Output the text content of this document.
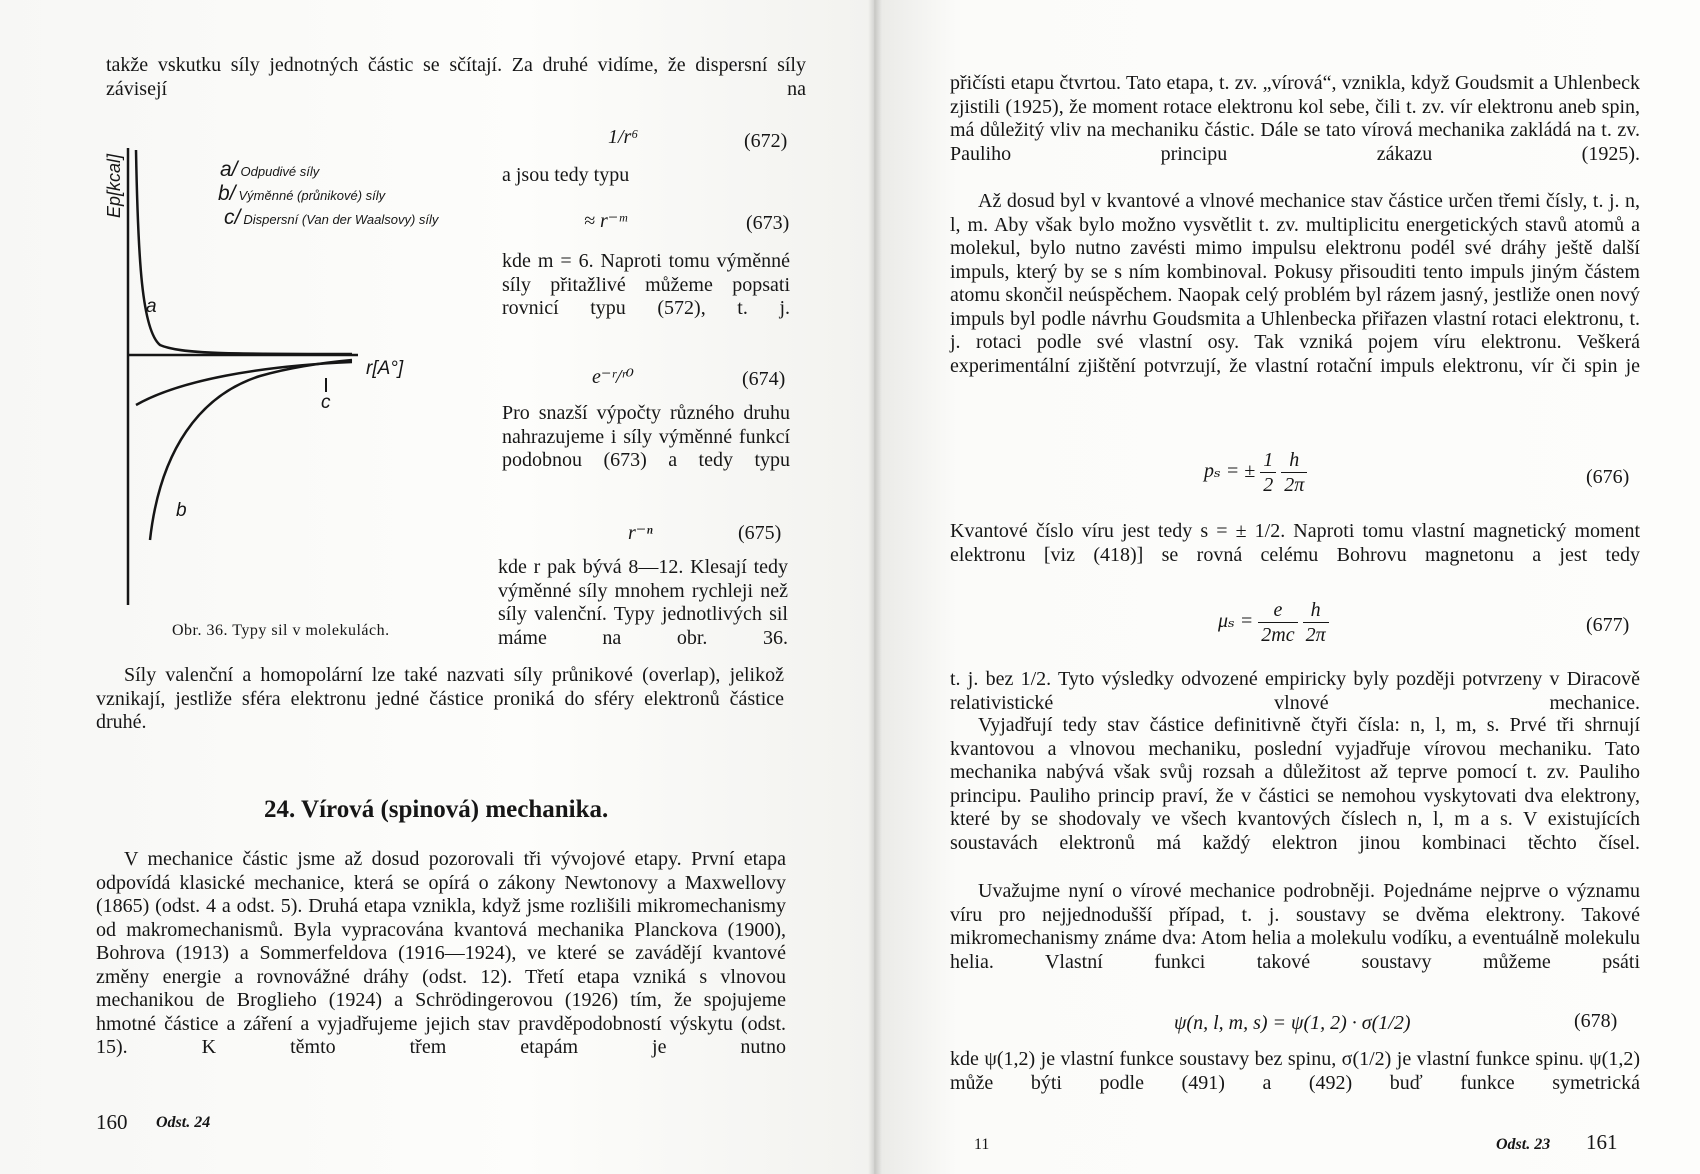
takže vskutku síly jednotných částic se sčítají. Za druhé vidíme, že dispersní síly závisejí na

Ep[kcal]
r[A°]
a/ Odpudivé síly
b/ Výměnné (průnikové) síly
c/ Dispersní (Van der Waalsovy) síly
a
b
c
Obr. 36. Typy sil v molekulách.
1/r⁶	(672)

a jsou tedy typu

≈ r⁻ᵐ	(673)

kde m = 6. Naproti tomu výměnné síly přitažlivé můžeme popsati rovnicí typu (572), t. j.

e⁻ʳ/ʳ⁰	(674)

Pro snazší výpočty různého druhu nahrazujeme i síly výměnné funkcí podobnou (673) a tedy typu

r⁻ⁿ	(675)

kde r pak bývá 8—12. Klesají tedy výměnné síly mnohem rychleji než síly valenční. Typy jednotlivých sil máme na obr. 36.

Síly valenční a homopolární lze také nazvati síly průnikové (overlap), jelikož vznikají, jestliže sféra elektronu jedné částice proniká do sféry elektronů částice druhé.

24. Vírová (spinová) mechanika.

V mechanice částic jsme až dosud pozorovali tři vývojové etapy. První etapa odpovídá klasické mechanice, která se opírá o zákony Newtonovy a Maxwellovy (1865) (odst. 4 a odst. 5). Druhá etapa vznikla, když jsme rozlišili mikromechanismy od makromechanismů. Byla vypracována kvantová mechanika Planckova (1900), Bohrova (1913) a Sommerfeldova (1916—1924), ve které se zavádějí kvantové změny energie a rovnovážné dráhy (odst. 12). Třetí etapa vzniká s vlnovou mechanikou de Broglieho (1924) a Schrödingerovou (1926) tím, že spojujeme hmotné částice a záření a vyjadřujeme jejich stav pravděpodobností výskytu (odst. 15). K těmto třem etapám je nutno

160 Odst. 24

přičísti etapu čtvrtou. Tato etapa, t. zv. „vírová“, vznikla, když Goudsmit a Uhlenbeck zjistili (1925), že moment rotace elektronu kol sebe, čili t. zv. vír elektronu aneb spin, má důležitý vliv na mechaniku částic. Dále se tato vírová mechanika zakládá na t. zv. Pauliho principu zákazu (1925).

Až dosud byl v kvantové a vlnové mechanice stav částice určen třemi čísly, t. j. n, l, m. Aby však bylo možno vysvětlit t. zv. multiplicitu energetických stavů atomů a molekul, bylo nutno zavésti mimo impulsu elektronu podél své dráhy ještě další impuls, který by se s ním kombinoval. Pokusy přisouditi tento impuls jiným částem atomu skončil neúspěchem. Naopak celý problém byl rázem jasný, jestliže onen nový impuls byl podle návrhu Goudsmita a Uhlenbecka přiřazen vlastní rotaci elektronu, t. j. rotaci podle své vlastní osy. Tak vzniká pojem víru elektronu. Veškerá experimentální zjištění potvrzují, že vlastní rotační impuls elektronu, vír či spin je

pₛ = ± $\frac{1}{2}$
$\frac{h}{2\pi}$	(676)

Kvantové číslo víru jest tedy s = ± 1/2. Naproti tomu vlastní magnetický moment elektronu [viz (418)] se rovná celému Bohrovu magnetonu a jest tedy

$\mu_s = \frac{e}{2mc}$
$\frac{h}{2\pi}$	(677)

t. j. bez 1/2. Tyto výsledky odvozené empiricky byly později potvrzeny v Diracově relativistické vlnové mechanice.

Vyjadřují tedy stav částice definitivně čtyři čísla: n, l, m, s. Prvé tři shrnují kvantovou a vlnovou mechaniku, poslední vyjadřuje vírovou mechaniku. Tato mechanika nabývá však svůj rozsah a důležitost až teprve pomocí t. zv. Pauliho principu. Pauliho princip praví, že v částici se nemohou vyskytovati dva elektrony, které by se shodovaly ve všech kvantových číslech n, l, m a s. V existujících soustavách elektronů má každý elektron jinou kombinaci těchto čísel.

Uvažujme nyní o vírové mechanice podrobněji. Pojednáme nejprve o významu víru pro nejjednodušší případ, t. j. soustavy se dvěma elektrony. Takové mikromechanismy známe dva: Atom helia a molekulu vodíku, a eventuálně molekulu helia. Vlastní funkci takové soustavy můžeme psáti

ψ(n, l, m, s) = ψ(1, 2) · σ(1/2)	(678)

kde ψ(1,2) je vlastní funkce soustavy bez spinu, σ(1/2) je vlastní funkce spinu. ψ(1,2) může býti podle (491) a (492) buď funkce symetrická

11	Odst. 23 161
